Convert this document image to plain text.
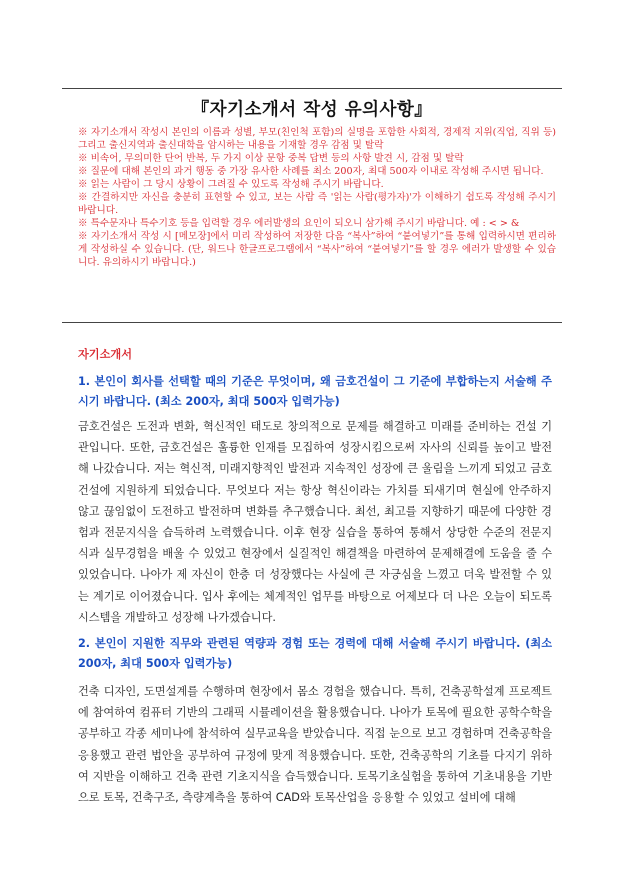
『자기소개서 작성 유의사항』
※ 자기소개서 작성시 본인의 이름과 성별, 부모(친인척 포함)의 실명을 포함한 사회적, 경제적 지위(직업, 직위 등) 그리고 출신지역과 출신대학을 암시하는 내용을 기재할 경우 감점 및 탈락
※ 비속어, 무의미한 단어 반복, 두 가지 이상 문항 중복 답변 등의 사항 발견 시, 감점 및 탈락
※ 질문에 대해 본인의 과거 행동 중 가장 유사한 사례를 최소 200자, 최대 500자 이내로 작성해 주시면 됩니다.
※ 읽는 사람이 그 당시 상황이 그려질 수 있도록 작성해 주시기 바랍니다.
※ 간결하지만 자신을 충분히 표현할 수 있고, 보는 사람 즉 '읽는 사람(평가자)'가 이해하기 쉽도록 작성해 주시기 바랍니다.
※ 특수문자나 특수기호 등을 입력할 경우 에러발생의 요인이 되오니 삼가해 주시기 바랍니다. 예 : < > &
※ 자기소개서 작성 시 [메모장]에서 미리 작성하여 저장한 다음 “복사”하여 “붙여넣기”를 통해 입력하시면 편리하게 작성하실 수 있습니다. (단, 워드나 한글프로그램에서 “복사”하여 “붙여넣기”를 할 경우 에러가 발생할 수 있습니다. 유의하시기 바랍니다.)
자기소개서

1. 본인이 회사를 선택할 때의 기준은 무엇이며, 왜 금호건설이 그 기준에 부합하는지 서술해 주시기 바랍니다. (최소 200자, 최대 500자 입력가능)

금호건설은 도전과 변화, 혁신적인 태도로 창의적으로 문제를 해결하고 미래를 준비하는 건설 기관입니다. 또한, 금호건설은 훌륭한 인재를 모집하여 성장시킴으로써 자사의 신뢰를 높이고 발전해 나갔습니다. 저는 혁신적, 미래지향적인 발전과 지속적인 성장에 큰 울림을 느끼게 되었고 금호건설에 지원하게 되었습니다. 무엇보다 저는 항상 혁신이라는 가치를 되새기며 현실에 안주하지 않고 끊임없이 도전하고 발전하며 변화를 추구했습니다. 최선, 최고를 지향하기 때문에 다양한 경험과 전문지식을 습득하려 노력했습니다. 이후 현장 실습을 통하여 통해서 상당한 수준의 전문지식과 실무경험을 배울 수 있었고 현장에서 실질적인 해결책을 마련하여 문제해결에 도움을 줄 수 있었습니다. 나아가 제 자신이 한층 더 성장했다는 사실에 큰 자긍심을 느꼈고 더욱 발전할 수 있는 계기로 이어졌습니다. 입사 후에는 체계적인 업무를 바탕으로 어제보다 더 나은 오늘이 되도록 시스템을 개발하고 성장해 나가겠습니다.

2. 본인이 지원한 직무와 관련된 역량과 경험 또는 경력에 대해 서술해 주시기 바랍니다. (최소 200자, 최대 500자 입력가능)

건축 디자인, 도면설계를 수행하며 현장에서 몸소 경험을 했습니다. 특히, 건축공학설계 프로젝트에 참여하여 컴퓨터 기반의 그래픽 시뮬레이션을 활용했습니다. 나아가 토목에 필요한 공학수학을 공부하고 각종 세미나에 참석하여 실무교육을 받았습니다. 직접 눈으로 보고 경험하며 건축공학을 응용했고 관련 법안을 공부하여 규정에 맞게 적용했습니다. 또한, 건축공학의 기초를 다지기 위하여 지반을 이해하고 건축 관련 기초지식을 습득했습니다. 토목기초실험을 통하여 기초내용을 기반으로 토목, 건축구조, 측량계측을 통하여 CAD와 토목산업을 응용할 수 있었고 설비에 대해
